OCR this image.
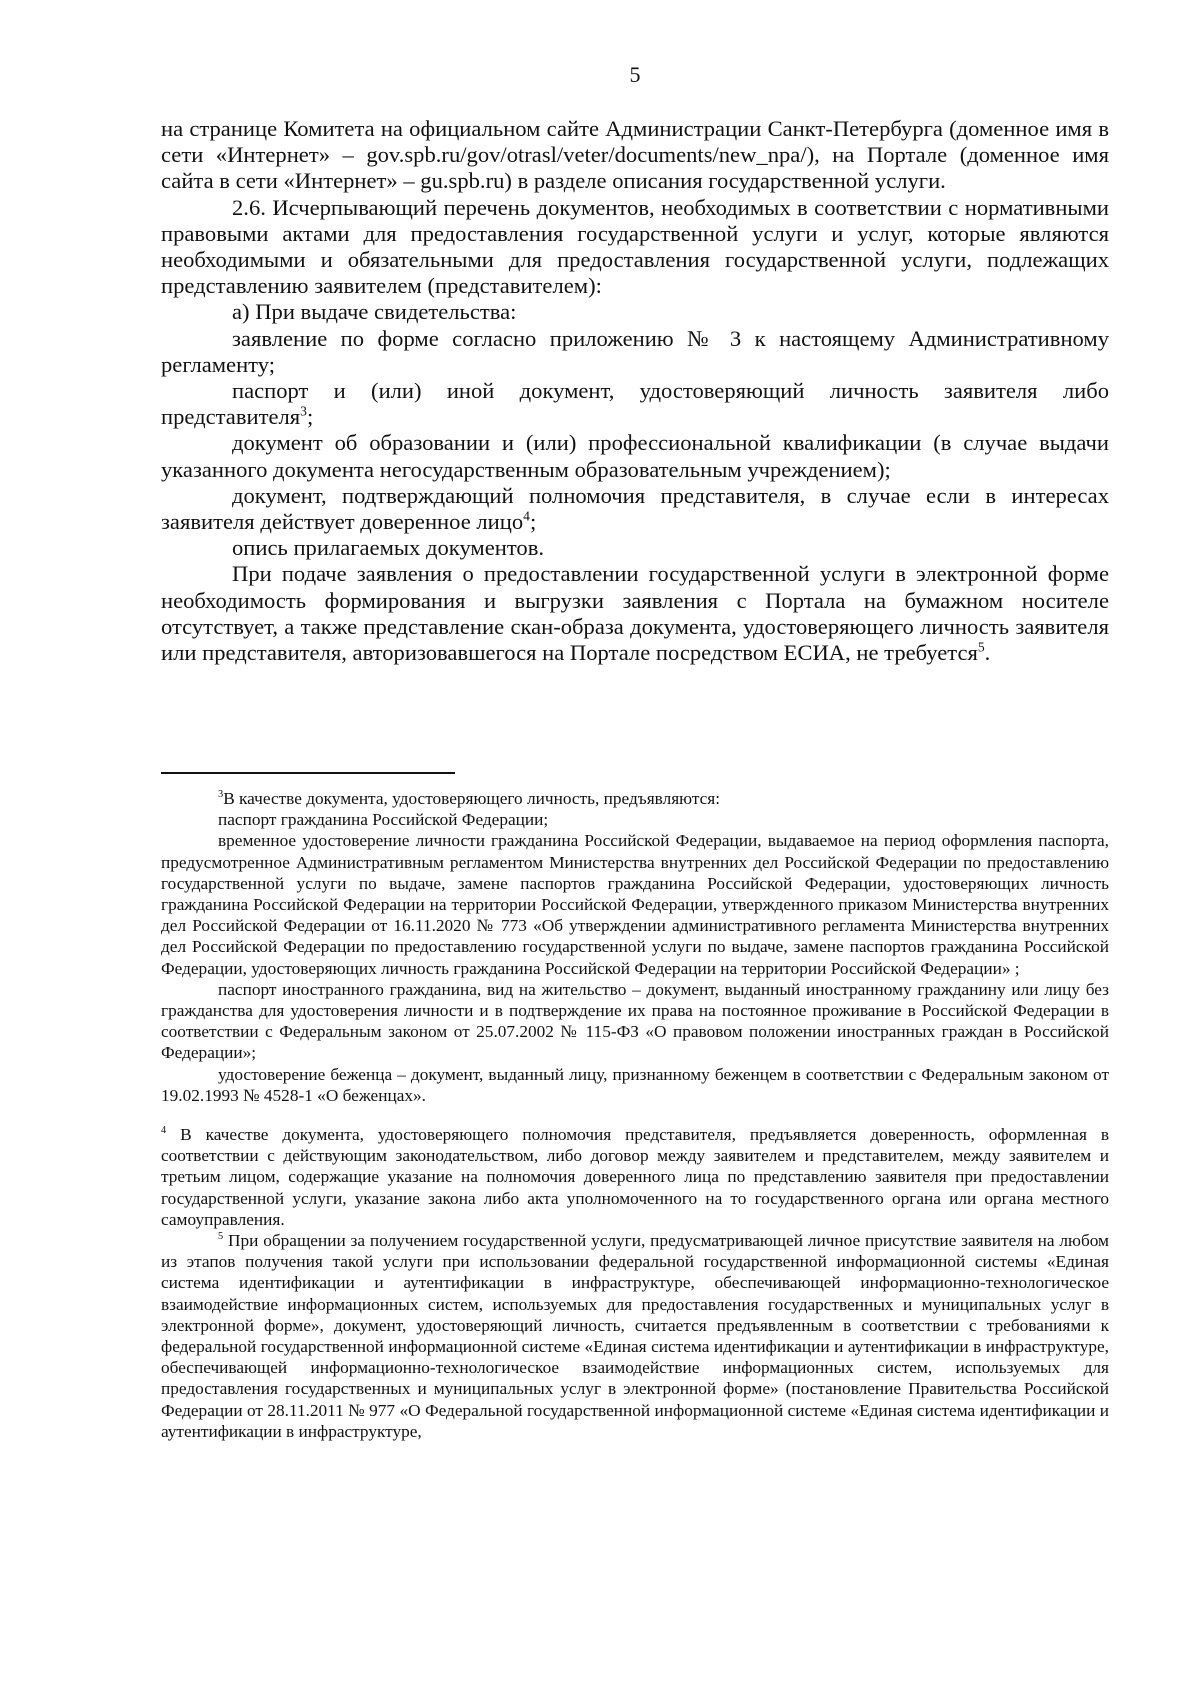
5

на странице Комитета на официальном сайте Администрации Санкт-Петербурга (доменное имя в сети «Интернет» – gov.spb.ru/gov/otrasl/veter/documents/new_npa/), на Портале (доменное имя сайта в сети «Интернет» – gu.spb.ru) в разделе описания государственной услуги.

2.6. Исчерпывающий перечень документов, необходимых в соответствии с нормативными правовыми актами для предоставления государственной услуги и услуг, которые являются необходимыми и обязательными для предоставления государственной услуги, подлежащих представлению заявителем (представителем):

а) При выдаче свидетельства:

заявление по форме согласно приложению № 3 к настоящему Административному регламенту;

паспорт и (или) иной документ, удостоверяющий личность заявителя либо представителя$^3$;

документ об образовании и (или) профессиональной квалификации (в случае выдачи указанного документа негосударственным образовательным учреждением);

документ, подтверждающий полномочия представителя, в случае если в интересах заявителя действует доверенное лицо$^4$;

опись прилагаемых документов.

При подаче заявления о предоставлении государственной услуги в электронной форме необходимость формирования и выгрузки заявления с Портала на бумажном носителе отсутствует, а также представление скан-образа документа, удостоверяющего личность заявителя или представителя, авторизовавшегося на Портале посредством ЕСИА, не требуется$^5$.

$^3$В качестве документа, удостоверяющего личность, предъявляются:

паспорт гражданина Российской Федерации;

временное удостоверение личности гражданина Российской Федерации, выдаваемое на период оформления паспорта, предусмотренное Административным регламентом Министерства внутренних дел Российской Федерации по предоставлению государственной услуги по выдаче, замене паспортов гражданина Российской Федерации, удостоверяющих личность гражданина Российской Федерации на территории Российской Федерации, утвержденного приказом Министерства внутренних дел Российской Федерации от 16.11.2020 № 773 «Об утверждении административного регламента Министерства внутренних дел Российской Федерации по предоставлению государственной услуги по выдаче, замене паспортов гражданина Российской Федерации, удостоверяющих личность гражданина Российской Федерации на территории Российской Федерации» ;

паспорт иностранного гражданина, вид на жительство – документ, выданный иностранному гражданину или лицу без гражданства для удостоверения личности и в подтверждение их права на постоянное проживание в Российской Федерации в соответствии с Федеральным законом от 25.07.2002 № 115-ФЗ «О правовом положении иностранных граждан в Российской Федерации»;

удостоверение беженца – документ, выданный лицу, признанному беженцем в соответствии с Федеральным законом от 19.02.1993 № 4528-1 «О беженцах».

$^4$ В качестве документа, удостоверяющего полномочия представителя, предъявляется доверенность, оформленная в соответствии с действующим законодательством, либо договор между заявителем и представителем, между заявителем и третьим лицом, содержащие указание на полномочия доверенного лица по представлению заявителя при предоставлении государственной услуги, указание закона либо акта уполномоченного на то государственного органа или органа местного самоуправления.

$^5$ При обращении за получением государственной услуги, предусматривающей личное присутствие заявителя на любом из этапов получения такой услуги при использовании федеральной государственной информационной системы «Единая система идентификации и аутентификации в инфраструктуре, обеспечивающей информационно-технологическое взаимодействие информационных систем, используемых для предоставления государственных и муниципальных услуг в электронной форме», документ, удостоверяющий личность, считается предъявленным в соответствии с требованиями к федеральной государственной информационной системе «Единая система идентификации и аутентификации в инфраструктуре, обеспечивающей информационно-технологическое взаимодействие информационных систем, используемых для предоставления государственных и муниципальных услуг в электронной форме» (постановление Правительства Российской Федерации от 28.11.2011 № 977 «О Федеральной государственной информационной системе «Единая система идентификации и аутентификации в инфраструктуре,
